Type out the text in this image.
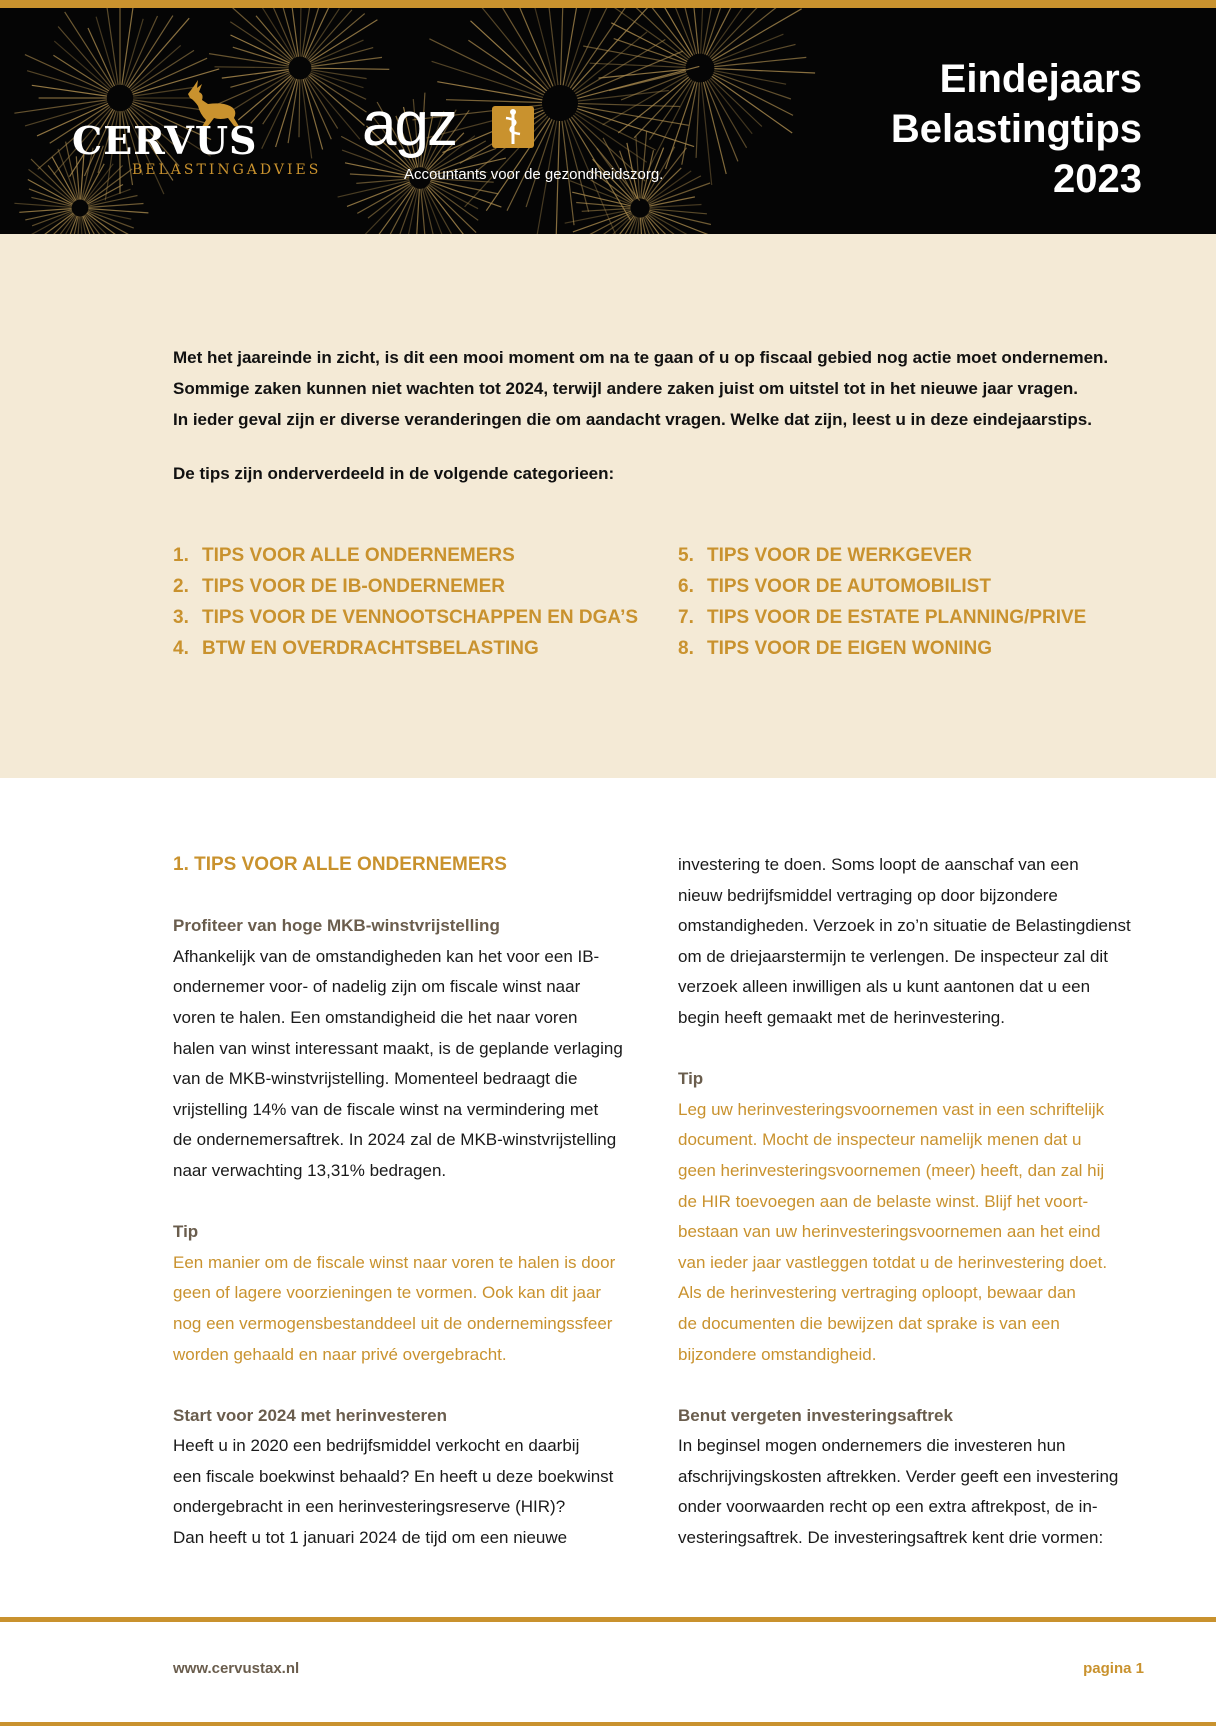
CERVUS
BELASTINGADVIES
agz
Accountants voor de gezondheidszorg.
Eindejaars
Belastingtips
2023
Met het jaareinde in zicht, is dit een mooi moment om na te gaan of u op fiscaal gebied nog actie moet ondernemen.
Sommige zaken kunnen niet wachten tot 2024, terwijl andere zaken juist om uitstel tot in het nieuwe jaar vragen.
In ieder geval zijn er diverse veranderingen die om aandacht vragen. Welke dat zijn, leest u in deze eindejaarstips.
De tips zijn onderverdeeld in de volgende categorieen:
1. TIPS VOOR ALLE ONDERNEMERS
2. TIPS VOOR DE IB-ONDERNEMER
3. TIPS VOOR DE VENNOOTSCHAPPEN EN DGA’S
4. BTW EN OVERDRACHTSBELASTING
5. TIPS VOOR DE WERKGEVER
6. TIPS VOOR DE AUTOMOBILIST
7. TIPS VOOR DE ESTATE PLANNING/PRIVE
8. TIPS VOOR DE EIGEN WONING
1. TIPS VOOR ALLE ONDERNEMERS
Profiteer van hoge MKB-winstvrijstelling
Afhankelijk van de omstandigheden kan het voor een IB-
ondernemer voor- of nadelig zijn om fiscale winst naar
voren te halen. Een omstandigheid die het naar voren
halen van winst interessant maakt, is de geplande verlaging
van de MKB-winstvrijstelling. Momenteel bedraagt die
vrijstelling 14% van de fiscale winst na vermindering met
de ondernemersaftrek. In 2024 zal de MKB-winstvrijstelling
naar verwachting 13,31% bedragen.
Tip
Een manier om de fiscale winst naar voren te halen is door
geen of lagere voorzieningen te vormen. Ook kan dit jaar
nog een vermogensbestanddeel uit de ondernemingssfeer
worden gehaald en naar privé overgebracht.
Start voor 2024 met herinvesteren
Heeft u in 2020 een bedrijfsmiddel verkocht en daarbij
een fiscale boekwinst behaald? En heeft u deze boekwinst
ondergebracht in een herinvesteringsreserve (HIR)?
Dan heeft u tot 1 januari 2024 de tijd om een nieuwe
investering te doen. Soms loopt de aanschaf van een
nieuw bedrijfsmiddel vertraging op door bijzondere
omstandigheden. Verzoek in zo’n situatie de Belastingdienst
om de driejaarstermijn te verlengen. De inspecteur zal dit
verzoek alleen inwilligen als u kunt aantonen dat u een
begin heeft gemaakt met de herinvestering.
Tip
Leg uw herinvesteringsvoornemen vast in een schriftelijk
document. Mocht de inspecteur namelijk menen dat u
geen herinvesteringsvoornemen (meer) heeft, dan zal hij
de HIR toevoegen aan de belaste winst. Blijf het voort-
bestaan van uw herinvesteringsvoornemen aan het eind
van ieder jaar vastleggen totdat u de herinvestering doet.
Als de herinvestering vertraging oploopt, bewaar dan
de documenten die bewijzen dat sprake is van een
bijzondere omstandigheid.
Benut vergeten investeringsaftrek
In beginsel mogen ondernemers die investeren hun
afschrijvingskosten aftrekken. Verder geeft een investering
onder voorwaarden recht op een extra aftrekpost, de in-
vesteringsaftrek. De investeringsaftrek kent drie vormen:
www.cervustax.nl	pagina 1
